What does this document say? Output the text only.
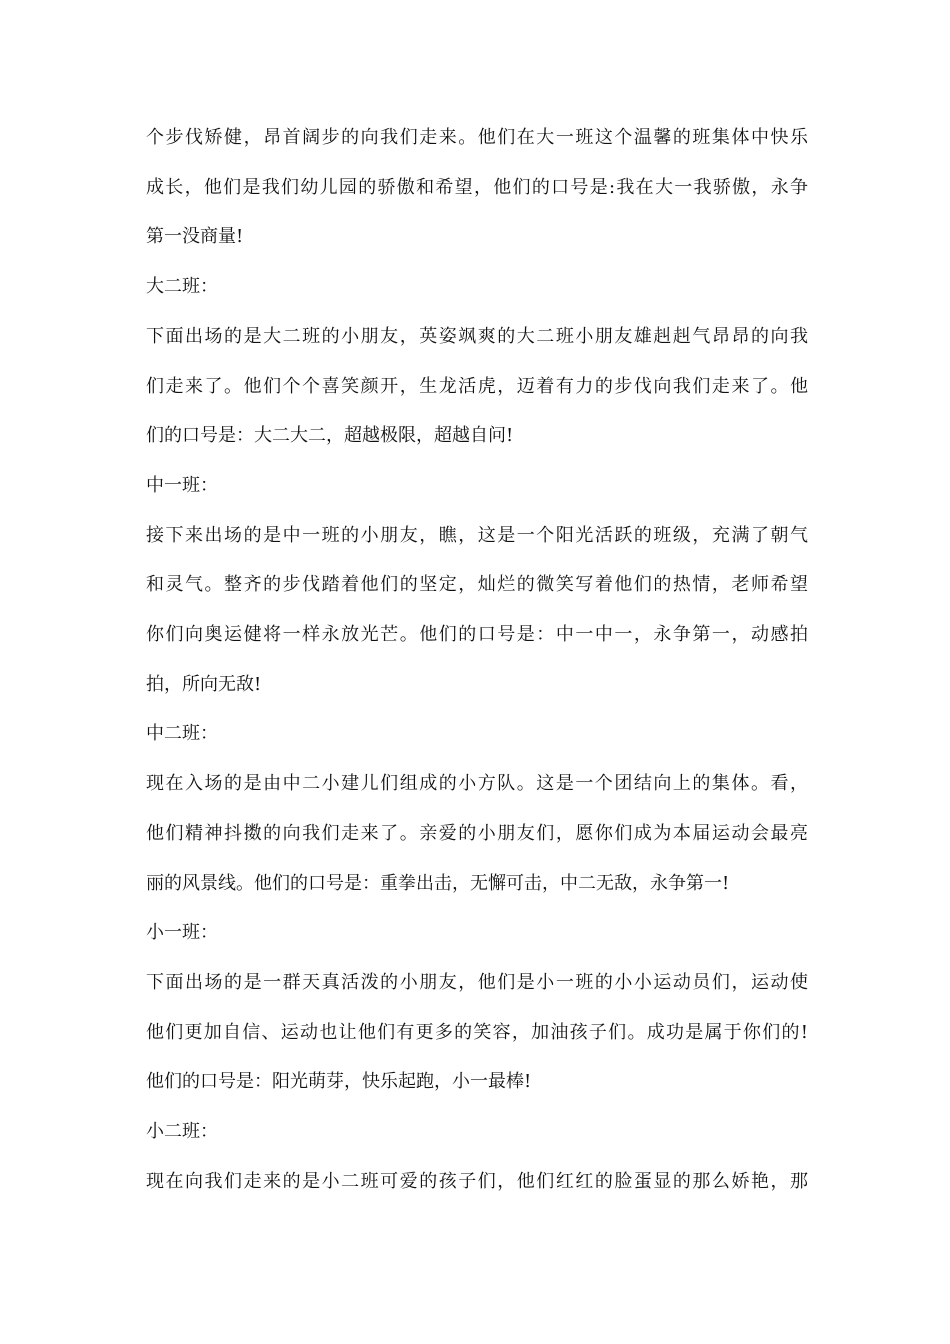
个步伐矫健，昂首阔步的向我们走来。他们在大一班这个温馨的班集体中快乐
成长，他们是我们幼儿园的骄傲和希望，他们的口号是:我在大一我骄傲，永争
第一没商量!
大二班：
下面出场的是大二班的小朋友，英姿飒爽的大二班小朋友雄赳赳气昂昂的向我
们走来了。他们个个喜笑颜开，生龙活虎，迈着有力的步伐向我们走来了。他
们的口号是：大二大二，超越极限，超越自问!
中一班：
接下来出场的是中一班的小朋友，瞧，这是一个阳光活跃的班级，充满了朝气
和灵气。整齐的步伐踏着他们的坚定，灿烂的微笑写着他们的热情，老师希望
你们向奥运健将一样永放光芒。他们的口号是：中一中一，永争第一，动感拍
拍，所向无敌!
中二班：
现在入场的是由中二小建儿们组成的小方队。这是一个团结向上的集体。看，
他们精神抖擞的向我们走来了。亲爱的小朋友们，愿你们成为本届运动会最亮
丽的风景线。他们的口号是：重拳出击，无懈可击，中二无敌，永争第一!
小一班：
下面出场的是一群天真活泼的小朋友，他们是小一班的小小运动员们，运动使
他们更加自信、运动也让他们有更多的笑容，加油孩子们。成功是属于你们的!
他们的口号是：阳光萌芽，快乐起跑，小一最棒!
小二班：
现在向我们走来的是小二班可爱的孩子们，他们红红的脸蛋显的那么娇艳，那
